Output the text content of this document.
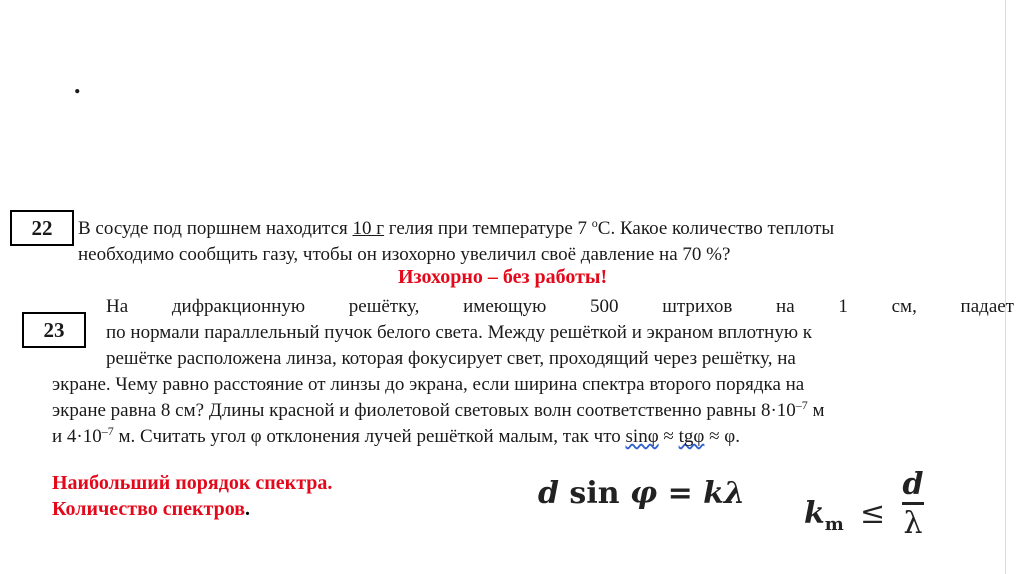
.
22	В сосуде под поршнем находится 10 г гелия при температуре 7 $^о$С. Какое количество теплоты
необходимо сообщить газу, чтобы он изохорно увеличил своё давление на 70 %?
Изохорно – без работы!
23
На дифракционную решётку, имеющую 500 штрихов на 1 см, падает
по нормали параллельный пучок белого света. Между решёткой и экраном вплотную к
решётке расположена линза, которая фокусирует свет, проходящий через решётку, на
экране. Чему равно расстояние от линзы до экрана, если ширина спектра второго порядка на
экране равна 8 см? Длины красной и фиолетовой световых волн соответственно равны $8\cdot 10^{-7}$ м
и $4\cdot 10^{-7}$ м. Считать угол φ отклонения лучей решёткой малым, так что sinφ ≈ tgφ ≈ φ.
Наибольший порядок спектра.
Количество спектров.	d sin φ = kλ
$k_m$ ≤
d
λ
